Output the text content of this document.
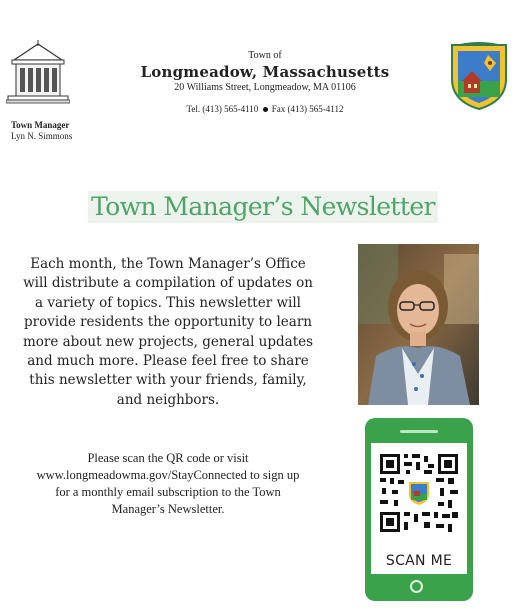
Town Manager
Lyn N. Simmons
Town of
Longmeadow, Massachusetts
20 Williams Street, Longmeadow, MA 01106
Tel. (413) 565-4110 Fax (413) 565-4112
Town Manager’s Newsletter
Each month, the Town Manager’s Office will distribute a compilation of updates on a variety of topics. This newsletter will provide residents the opportunity to learn more about new projects, general updates and much more. Please feel free to share this newsletter with your friends, family, and neighbors.
Please scan the QR code or visit www.longmeadowma.gov/StayConnected to sign up for a monthly email subscription to the Town Manager’s Newsletter.
SCAN ME
